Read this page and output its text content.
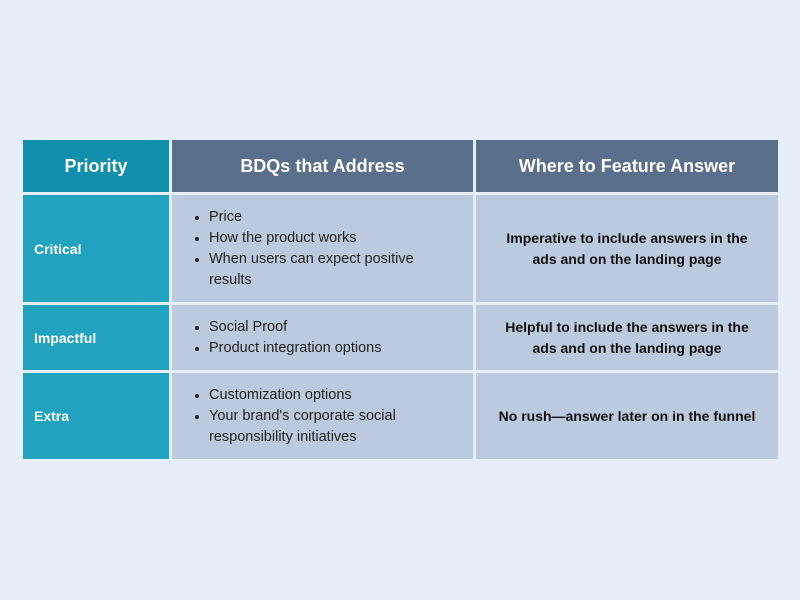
Priority	BDQs that Address	Where to Feature Answer
Critical
Price
How the product works
When users can expect positive results
Imperative to include answers in the ads and on the landing page
Impactful
Social Proof
Product integration options
Helpful to include the answers in the ads and on the landing page
Extra
Customization options
Your brand's corporate social responsibility initiatives
No rush—answer later on in the funnel
